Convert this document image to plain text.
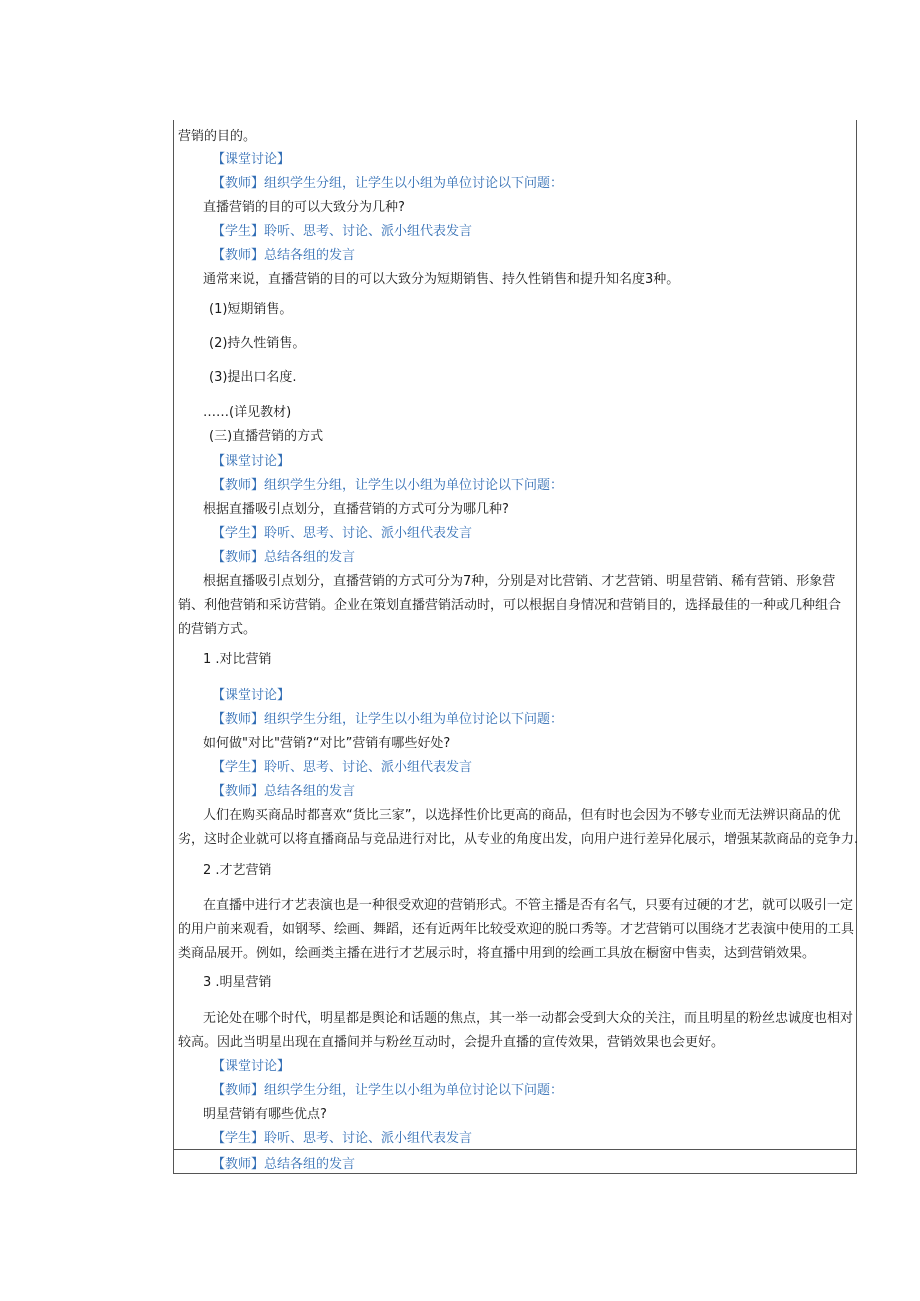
营销的目的。
【课堂讨论】
【教师】组织学生分组，让学生以小组为单位讨论以下问题：
直播营销的目的可以大致分为几种?
【学生】聆听、思考、讨论、派小组代表发言
【教师】总结各组的发言
通常来说，直播营销的目的可以大致分为短期销售、持久性销售和提升知名度3种。
(1)短期销售。
(2)持久性销售。
(3)提出口名度.
……(详见教材)
(三)直播营销的方式
【课堂讨论】
【教师】组织学生分组，让学生以小组为单位讨论以下问题：
根据直播吸引点划分，直播营销的方式可分为哪几种?
【学生】聆听、思考、讨论、派小组代表发言
【教师】总结各组的发言
根据直播吸引点划分，直播营销的方式可分为7种，分别是对比营销、才艺营销、明星营销、稀有营销、形象营
销、利他营销和采访营销。企业在策划直播营销活动时，可以根据自身情况和营销目的，选择最佳的一种或几种组合
的营销方式。
1 .对比营销
【课堂讨论】
【教师】组织学生分组，让学生以小组为单位讨论以下问题：
如何做"对比"营销?“对比”营销有哪些好处?
【学生】聆听、思考、讨论、派小组代表发言
【教师】总结各组的发言
人们在购买商品时都喜欢“货比三家”，以选择性价比更高的商品，但有时也会因为不够专业而无法辨识商品的优
劣，这时企业就可以将直播商品与竞品进行对比，从专业的角度出发，向用户进行差异化展示，增强某款商品的竞争力.
2 .才艺营销
在直播中进行才艺表演也是一种很受欢迎的营销形式。不管主播是否有名气，只要有过硬的才艺，就可以吸引一定
的用户前来观看，如钢琴、绘画、舞蹈，还有近两年比较受欢迎的脱口秀等。才艺营销可以围绕才艺表演中使用的工具
类商品展开。例如，绘画类主播在进行才艺展示时，将直播中用到的绘画工具放在橱窗中售卖，达到营销效果。
3 .明星营销
无论处在哪个时代，明星都是舆论和话题的焦点，其一举一动都会受到大众的关注，而且明星的粉丝忠诚度也相对
较高。因此当明星出现在直播间并与粉丝互动时，会提升直播的宣传效果，营销效果也会更好。
【课堂讨论】
【教师】组织学生分组，让学生以小组为单位讨论以下问题：
明星营销有哪些优点?
【学生】聆听、思考、讨论、派小组代表发言
【教师】总结各组的发言
